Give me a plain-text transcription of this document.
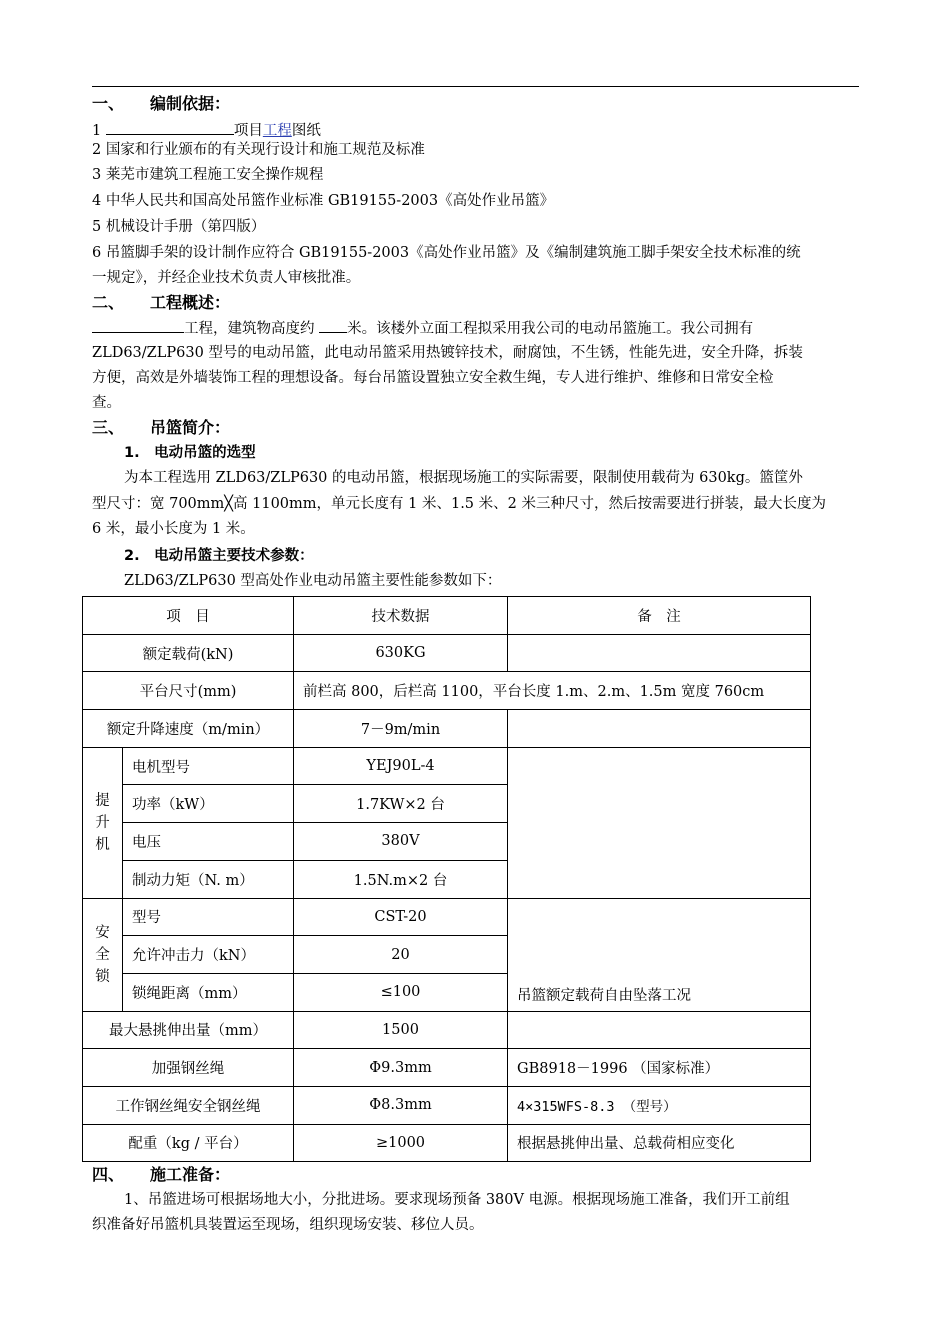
一、 编制依据：
1	项目工程图纸
2 国家和行业颁布的有关现行设计和施工规范及标准
3 莱芜市建筑工程施工安全操作规程
4 中华人民共和国高处吊篮作业标准 GB19155-2003《高处作业吊篮》
5 机械设计手册（第四版）
6 吊篮脚手架的设计制作应符合 GB19155-2003《高处作业吊篮》及《编制建筑施工脚手架安全技术标准的统
一规定》，并经企业技术负责人审核批准。
二、 工程概述：
工程，建筑物高度约 米。该楼外立面工程拟采用我公司的电动吊篮施工。我公司拥有
ZLD63/ZLP630 型号的电动吊篮，此电动吊篮采用热镀锌技术，耐腐蚀，不生锈，性能先进，安全升降，拆装
方便，高效是外墙装饰工程的理想设备。每台吊篮设置独立安全救生绳，专人进行维护、维修和日常安全检
查。
三、 吊篮简介：
1.　电动吊篮的选型
为本工程选用 ZLD63/ZLP630 的电动吊篮，根据现场施工的实际需要，限制使用载荷为 630kg。篮筐外
型尺寸：宽 700mm╳高 1100mm，单元长度有 1 米、1.5 米、2 米三种尺寸，然后按需要进行拼装，最大长度为
6 米，最小长度为 1 米。
2.　电动吊篮主要技术参数：
ZLD63/ZLP630 型高处作业电动吊篮主要性能参数如下：
项　目		技术数据	备　注
额定载荷(kN)		630KG	
平台尺寸(mm)		前栏高 800，后栏高 1100，平台长度 1.m、2.m、1.5m 宽度 760cm	
额定升降速度（m/min）		7－9m/min	
提
升
机	电机型号	YEJ90L-4	
	功率（kW）	1.7KW×2 台	
	电压	380V	
	制动力矩（N. m）	1.5N.m×2 台	
安
全
锁	型号	CST-20	吊篮额定载荷自由坠落工况
	允许冲击力（kN）	20	
	锁绳距离（mm）	≤100	
最大悬挑伸出量（mm）		1500	
加强钢丝绳		Φ9.3mm	GB8918－1996 （国家标准）
工作钢丝绳安全钢丝绳		Φ8.3mm	4×315WFS-8.3 （型号）
配重（kg / 平台）		≥1000	根据悬挑伸出量、总载荷相应变化
四、 施工准备：
1、吊篮进场可根据场地大小，分批进场。要求现场预备 380V 电源。根据现场施工准备，我们开工前组
织准备好吊篮机具装置运至现场，组织现场安装、移位人员。
